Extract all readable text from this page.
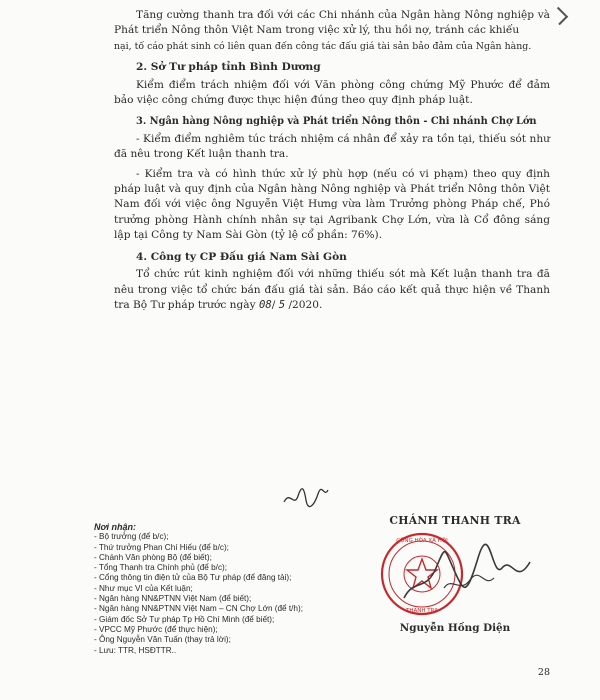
Tăng cường thanh tra đối với các Chi nhánh của Ngân hàng Nông nghiệp và Phát triển Nông thôn Việt Nam trong việc xử lý, thu hồi nợ, tránh các khiếu

nại, tố cáo phát sinh có liên quan đến công tác đấu giá tài sản bảo đảm của Ngân hàng.

2. Sở Tư pháp tỉnh Bình Dương

Kiểm điểm trách nhiệm đối với Văn phòng công chứng Mỹ Phước để đảm bảo việc công chứng được thực hiện đúng theo quy định pháp luật.

3. Ngân hàng Nông nghiệp và Phát triển Nông thôn - Chi nhánh Chợ Lớn

- Kiểm điểm nghiêm túc trách nhiệm cá nhân để xảy ra tồn tại, thiếu sót như đã nêu trong Kết luận thanh tra.

- Kiểm tra và có hình thức xử lý phù hợp (nếu có vi phạm) theo quy định pháp luật và quy định của Ngân hàng Nông nghiệp và Phát triển Nông thôn Việt Nam đối với việc ông Nguyễn Việt Hưng vừa làm Trưởng phòng Pháp chế, Phó trưởng phòng Hành chính nhân sự tại Agribank Chợ Lớn, vừa là Cổ đông sáng lập tại Công ty Nam Sài Gòn (tỷ lệ cổ phần: 76%).

4. Công ty CP Đấu giá Nam Sài Gòn

Tổ chức rút kinh nghiệm đối với những thiếu sót mà Kết luận thanh tra đã nêu trong việc tổ chức bán đấu giá tài sản. Báo cáo kết quả thực hiện về Thanh tra Bộ Tư pháp trước ngày 08/ 5 /2020.

Nơi nhận:
- Bộ trưởng (để b/c);
- Thứ trưởng Phan Chí Hiếu (để b/c);
- Chánh Văn phòng Bộ (để biết);
- Tổng Thanh tra Chính phủ (để b/c);
- Cổng thông tin điện tử của Bộ Tư pháp (để đăng tải);
- Như mục VI của Kết luận;
- Ngân hàng NN&PTNN Việt Nam (để biết);
- Ngân hàng NN&PTNN Việt Nam – CN Chợ Lớn (để t/h);
- Giám đốc Sở Tư pháp Tp Hồ Chí Minh (để biết);
- VPCC Mỹ Phước (để thực hiện);
- Ông Nguyễn Văn Tuấn (thay trả lời);
- Lưu: TTR, HSĐTTR..
CHÁNH THANH TRA
CỘNG HÒA XÃ HỘI
THANH TRA
Nguyễn Hồng Diện
28
